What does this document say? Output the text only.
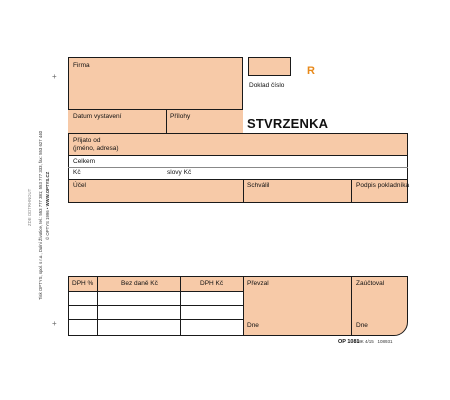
Tisk OPTYS, spol. s r.o., Dolní Životice, tel.: 553 777 381; 553 777 333, fax: 553 627 440
© OPTYS 1996 • WWW.OPTYS.CZ
ZDE ODTRHNOUT
+
+
Firma
Doklad číslo
R
Datum vystavení	Přílohy	STVRZENKA
Přijato od
(jméno, adresa)
Celkem
Kč	slovy Kč
Účel	Schválil	Podpis pokladníka
DPH %	Bez daně Kč	DPH Kč	Převzal	Zaúčtoval
Dne	Dne
OP 1081
MK 4/15   108931
